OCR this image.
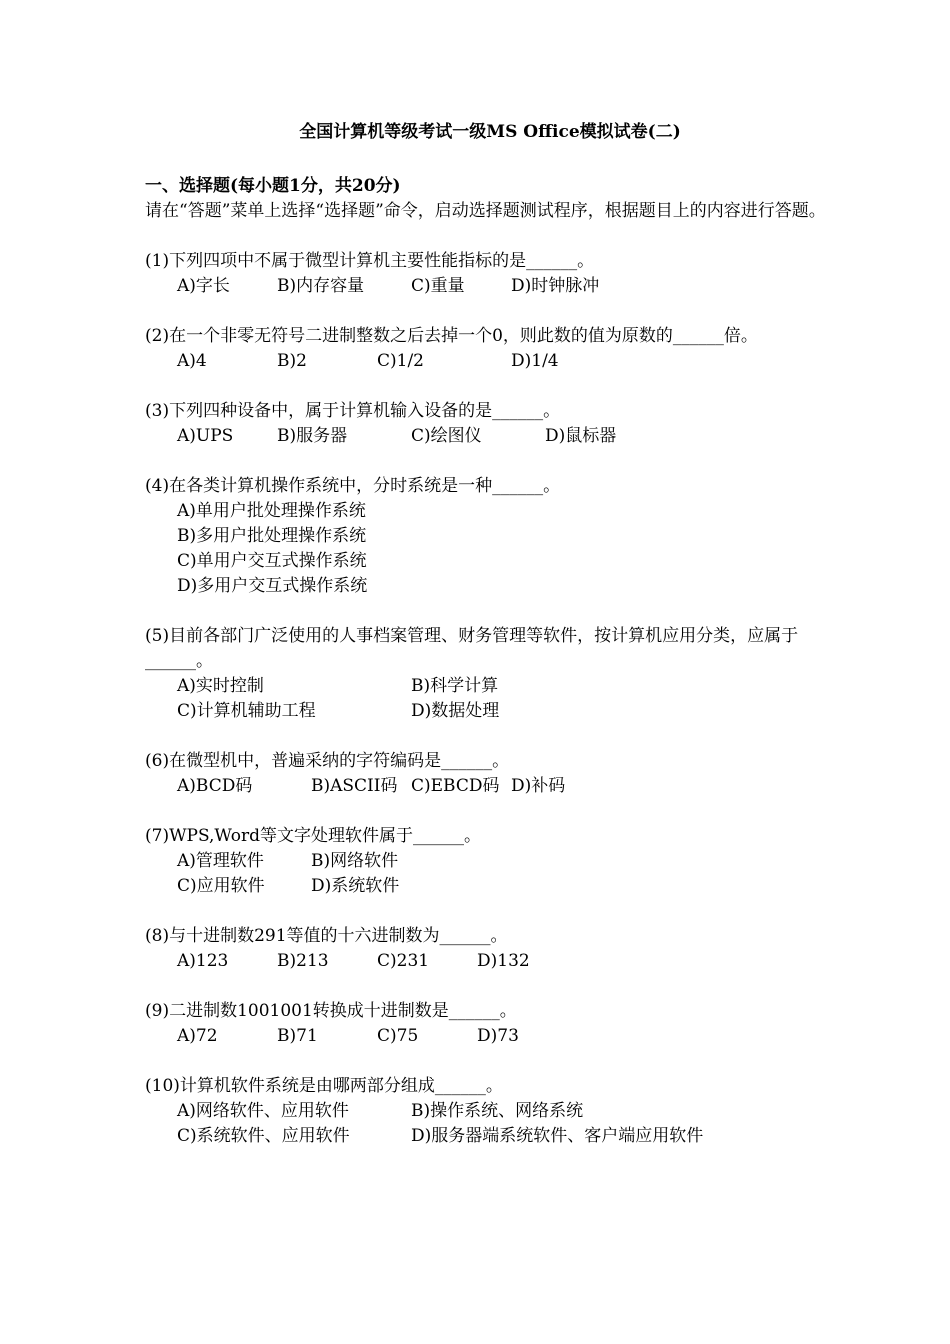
全国计算机等级考试一级MS Office模拟试卷(二)
一、选择题(每小题1分，共20分)
请在“答题”菜单上选择“选择题”命令，启动选择题测试程序，根据题目上的内容进行答题。
(1)下列四项中不属于微型计算机主要性能指标的是______。
A)字长	B)内存容量	C)重量	D)时钟脉冲
(2)在一个非零无符号二进制整数之后去掉一个0，则此数的值为原数的______倍。
A)4	B)2	C)1/2	D)1/4
(3)下列四种设备中，属于计算机输入设备的是______。
A)UPS	B)服务器	C)绘图仪	D)鼠标器
(4)在各类计算机操作系统中，分时系统是一种______。
A)单用户批处理操作系统
B)多用户批处理操作系统
C)单用户交互式操作系统
D)多用户交互式操作系统
(5)目前各部门广泛使用的人事档案管理、财务管理等软件，按计算机应用分类，应属于______。
A)实时控制	B)科学计算
C)计算机辅助工程	D)数据处理
(6)在微型机中，普遍采纳的字符编码是______。
A)BCD码	B)ASCII码 C)EBCD码 D)补码
(7)WPS,Word等文字处理软件属于______。
A)管理软件	B)网络软件
C)应用软件	D)系统软件
(8)与十进制数291等值的十六进制数为______。
A)123	B)213	C)231	D)132
(9)二进制数1001001转换成十进制数是______。
A)72	B)71	C)75	D)73
(10)计算机软件系统是由哪两部分组成______。
A)网络软件、应用软件	B)操作系统、网络系统
C)系统软件、应用软件	D)服务器端系统软件、客户端应用软件
